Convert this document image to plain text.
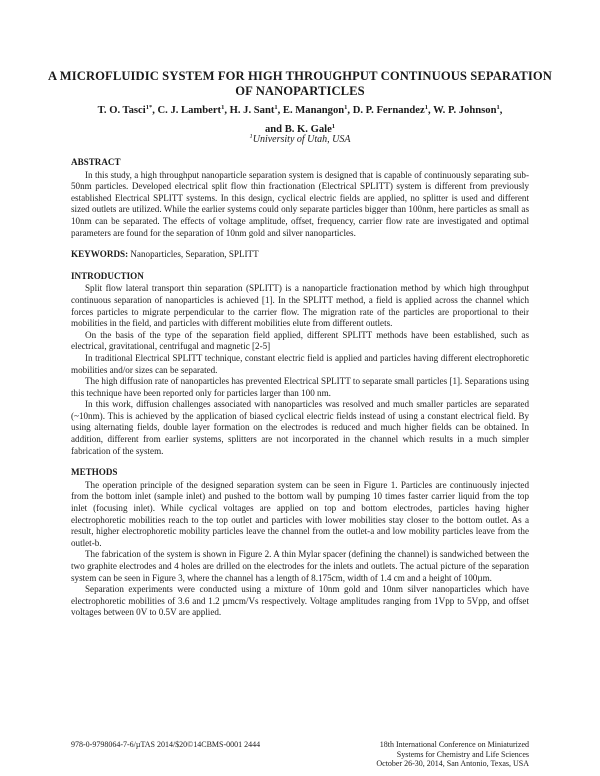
A MICROFLUIDIC SYSTEM FOR HIGH THROUGHPUT CONTINUOUS SEPARATION OF NANOPARTICLES
T. O. Tasci$^{1*}$, C. J. Lambert$^1$, H. J. Sant$^1$, E. Manangon$^1$, D. P. Fernandez$^1$, W. P. Johnson$^1$,
and B. K. Gale$^1$
$^1$University of Utah, USA
ABSTRACT

In this study, a high throughput nanoparticle separation system is designed that is capable of continuously separating sub-50nm particles. Developed electrical split flow thin fractionation (Electrical SPLITT) system is different from previously established Electrical SPLITT systems. In this design, cyclical electric fields are applied, no splitter is used and different sized outlets are utilized. While the earlier systems could only separate particles bigger than 100nm, here particles as small as 10nm can be separated. The effects of voltage amplitude, offset, frequency, carrier flow rate are investigated and optimal parameters are found for the separation of 10nm gold and silver nanoparticles.

KEYWORDS: Nanoparticles, Separation, SPLITT

INTRODUCTION

Split flow lateral transport thin separation (SPLITT) is a nanoparticle fractionation method by which high throughput continuous separation of nanoparticles is achieved [1]. In the SPLITT method, a field is applied across the channel which forces particles to migrate perpendicular to the carrier flow. The migration rate of the particles are proportional to their mobilities in the field, and particles with different mobilities elute from different outlets.

On the basis of the type of the separation field applied, different SPLITT methods have been established, such as electrical, gravitational, centrifugal and magnetic [2-5]

In traditional Electrical SPLITT technique, constant electric field is applied and particles having different electrophoretic mobilities and/or sizes can be separated.

The high diffusion rate of nanoparticles has prevented Electrical SPLITT to separate small particles [1]. Separations using this technique have been reported only for particles larger than 100 nm.

In this work, diffusion challenges associated with nanoparticles was resolved and much smaller particles are separated (~10nm). This is achieved by the application of biased cyclical electric fields instead of using a constant electrical field. By using alternating fields, double layer formation on the electrodes is reduced and much higher fields can be obtained. In addition, different from earlier systems, splitters are not incorporated in the channel which results in a much simpler fabrication of the system.

METHODS

The operation principle of the designed separation system can be seen in Figure 1. Particles are continuously injected from the bottom inlet (sample inlet) and pushed to the bottom wall by pumping 10 times faster carrier liquid from the top inlet (focusing inlet). While cyclical voltages are applied on top and bottom electrodes, particles having higher electrophoretic mobilities reach to the top outlet and particles with lower mobilities stay closer to the bottom outlet. As a result, higher electrophoretic mobility particles leave the channel from the outlet-a and low mobility particles leave from the outlet-b.

The fabrication of the system is shown in Figure 2. A thin Mylar spacer (defining the channel) is sandwiched between the two graphite electrodes and 4 holes are drilled on the electrodes for the inlets and outlets. The actual picture of the separation system can be seen in Figure 3, where the channel has a length of 8.175cm, width of 1.4 cm and a height of 100µm.

Separation experiments were conducted using a mixture of 10nm gold and 10nm silver nanoparticles which have electrophoretic mobilities of 3.6 and 1.2 µmcm/Vs respectively. Voltage amplitudes ranging from 1Vpp to 5Vpp, and offset voltages between 0V to 0.5V are applied.

978-0-9798064-7-6/µTAS 2014/$20©14CBMS-0001 2444	18th International Conference on Miniaturized
Systems for Chemistry and Life Sciences
October 26-30, 2014, San Antonio, Texas, USA
